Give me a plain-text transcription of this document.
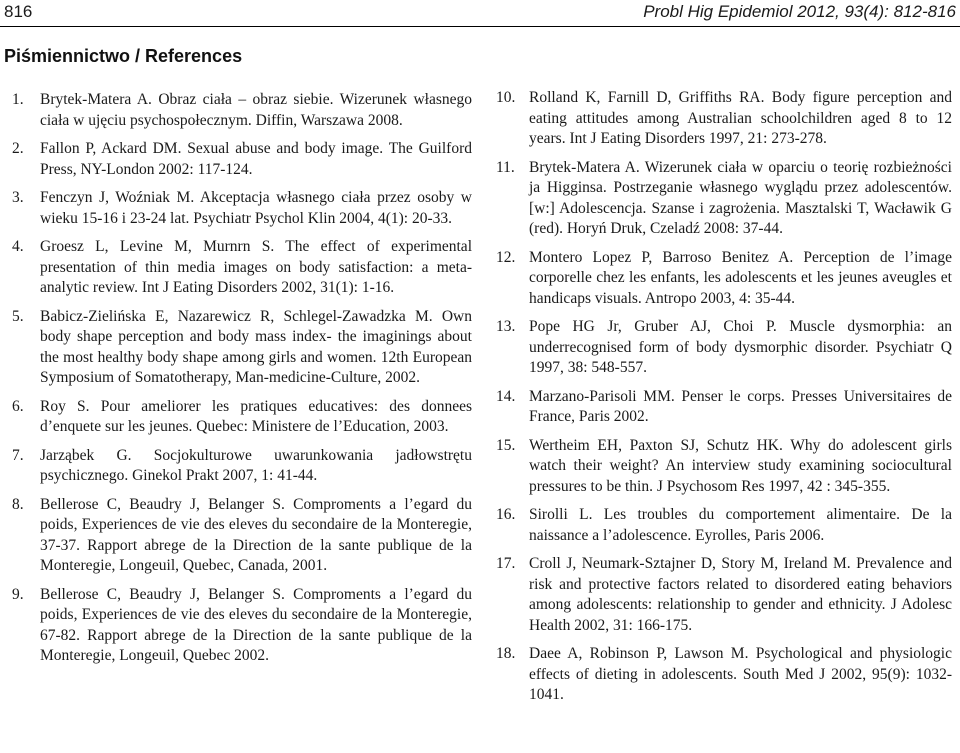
816	Probl Hig Epidemiol 2012, 93(4): 812-816
Piśmiennictwo / References
1.	Brytek-Matera A. Obraz ciała – obraz siebie. Wizerunek własnego ciała w ujęciu psychospołecznym. Diffin, Warszawa 2008.
2.	Fallon P, Ackard DM. Sexual abuse and body image. The Guilford Press, NY-London 2002: 117-124.
3.	Fenczyn J, Woźniak M. Akceptacja własnego ciała przez osoby w wieku 15-16 i 23-24 lat. Psychiatr Psychol Klin 2004, 4(1): 20-33.
4.	Groesz L, Levine M, Murnrn S. The effect of experimental presentation of thin media images on body satisfaction: a meta-analytic review. Int J Eating Disorders 2002, 31(1): 1-16.
5.	Babicz-Zielińska E, Nazarewicz R, Schlegel-Zawadzka M. Own body shape perception and body mass index- the imaginings about the most healthy body shape among girls and women. 12th European Symposium of Somatotherapy, Man-medicine-Culture, 2002.
6.	Roy S. Pour ameliorer les pratiques educatives: des donnees d’enquete sur les jeunes. Quebec: Ministere de l’Education, 2003.
7.	Jarząbek G. Socjokulturowe uwarunkowania jadłowstrętu psychicznego. Ginekol Prakt 2007, 1: 41-44.
8.	Bellerose C, Beaudry J, Belanger S. Comproments a l’egard du poids, Experiences de vie des eleves du secondaire de la Monteregie, 37-37. Rapport abrege de la Direction de la sante publique de la Monteregie, Longeuil, Quebec, Canada, 2001.
9.	Bellerose C, Beaudry J, Belanger S. Comproments a l’egard du poids, Experiences de vie des eleves du secondaire de la Monteregie, 67-82. Rapport abrege de la Direction de la sante publique de la Monteregie, Longeuil, Quebec 2002.
10. Rolland K, Farnill D, Griffiths RA. Body figure perception and eating attitudes among Australian schoolchildren aged 8 to 12 years. Int J Eating Disorders 1997, 21: 273-278.
11. Brytek-Matera A. Wizerunek ciała w oparciu o teorię rozbieżności ja Higginsa. Postrzeganie własnego wyglądu przez adolescentów. [w:] Adolescencja. Szanse i zagrożenia. Masztalski T, Wacławik G (red). Horyń Druk, Czeladź 2008: 37-44.
12. Montero Lopez P, Barroso Benitez A. Perception de l’image corporelle chez les enfants, les adolescents et les jeunes aveugles et handicaps visuals. Antropo 2003, 4: 35-44.
13. Pope HG Jr, Gruber AJ, Choi P. Muscle dysmorphia: an underrecognised form of body dysmorphic disorder. Psychiatr Q 1997, 38: 548-557.
14. Marzano-Parisoli MM. Penser le corps. Presses Universitaires de France, Paris 2002.
15. Wertheim EH, Paxton SJ, Schutz HK. Why do adolescent girls watch their weight? An interview study examining sociocultural pressures to be thin. J Psychosom Res 1997, 42 : 345-355.
16. Sirolli L. Les troubles du comportement alimentaire. De la naissance a l’adolescence. Eyrolles, Paris 2006.
17. Croll J, Neumark-Sztajner D, Story M, Ireland M. Prevalence and risk and protective factors related to disordered eating behaviors among adolescents: relationship to gender and ethnicity. J Adolesc Health 2002, 31: 166-175.
18. Daee A, Robinson P, Lawson M. Psychological and physiologic effects of dieting in adolescents. South Med J 2002, 95(9): 1032-1041.
